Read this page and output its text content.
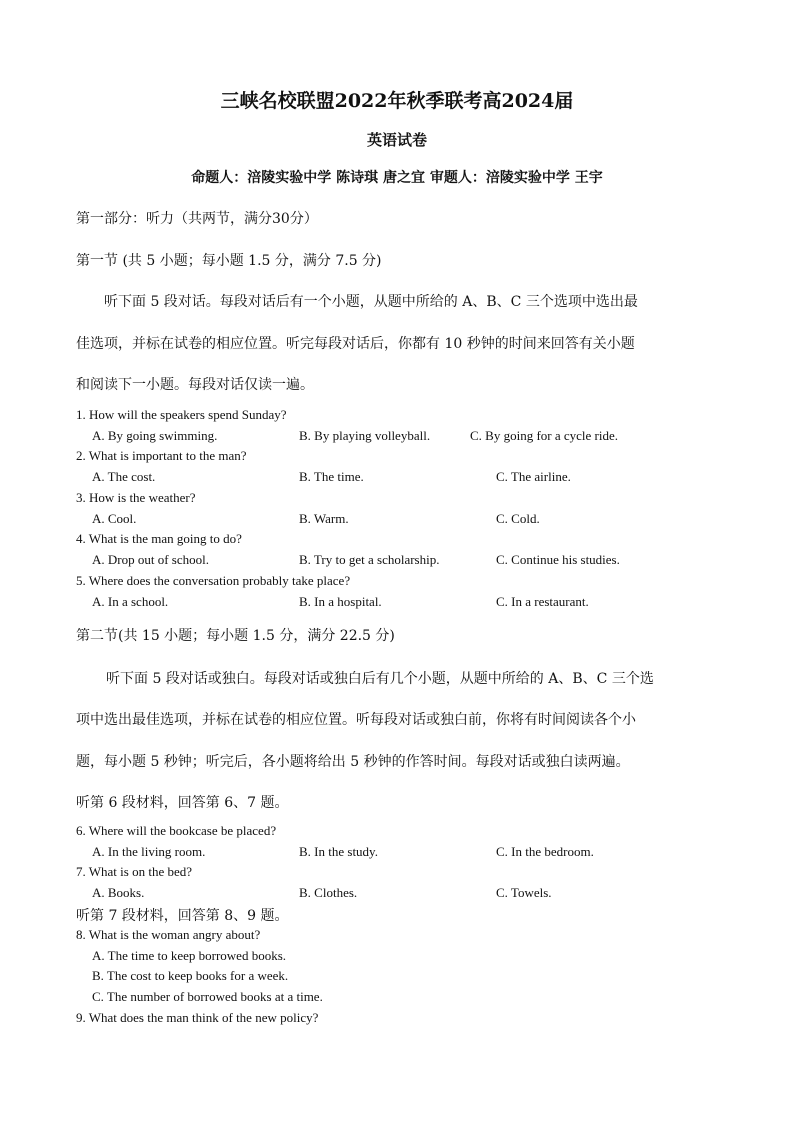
三峡名校联盟2022年秋季联考高2024届
英语试卷
命题人：涪陵实验中学 陈诗琪 唐之宜 审题人：涪陵实验中学 王宇
第一部分：听力（共两节，满分30分）
第一节 (共 5 小题；每小题 1.5 分，满分 7.5 分)
听下面 5 段对话。每段对话后有一个小题，从题中所给的 A、B、C 三个选项中选出最
佳选项，并标在试卷的相应位置。听完每段对话后，你都有 10 秒钟的时间来回答有关小题
和阅读下一小题。每段对话仅读一遍。
1. How will the speakers spend Sunday?
A. By going swimming.	B. By playing volleyball.	C. By going for a cycle ride.
2. What is important to the man?
A. The cost.	B. The time.	C. The airline.
3. How is the weather?
A. Cool.	B. Warm.	C. Cold.
4. What is the man going to do?
A. Drop out of school.	B. Try to get a scholarship.	C. Continue his studies.
5. Where does the conversation probably take place?
A. In a school.	B. In a hospital.	C. In a restaurant.
第二节(共 15 小题；每小题 1.5 分，满分 22.5 分)
听下面 5 段对话或独白。每段对话或独白后有几个小题，从题中所给的 A、B、C 三个选
项中选出最佳选项，并标在试卷的相应位置。听每段对话或独白前，你将有时间阅读各个小
题，每小题 5 秒钟；听完后，各小题将给出 5 秒钟的作答时间。每段对话或独白读两遍。
听第 6 段材料，回答第 6、7 题。
6. Where will the bookcase be placed?
A. In the living room.	B. In the study.	C. In the bedroom.
7. What is on the bed?
A. Books.	B. Clothes.	C. Towels.
听第 7 段材料，回答第 8、9 题。
8. What is the woman angry about?
A. The time to keep borrowed books.
B. The cost to keep books for a week.
C. The number of borrowed books at a time.
9. What does the man think of the new policy?
